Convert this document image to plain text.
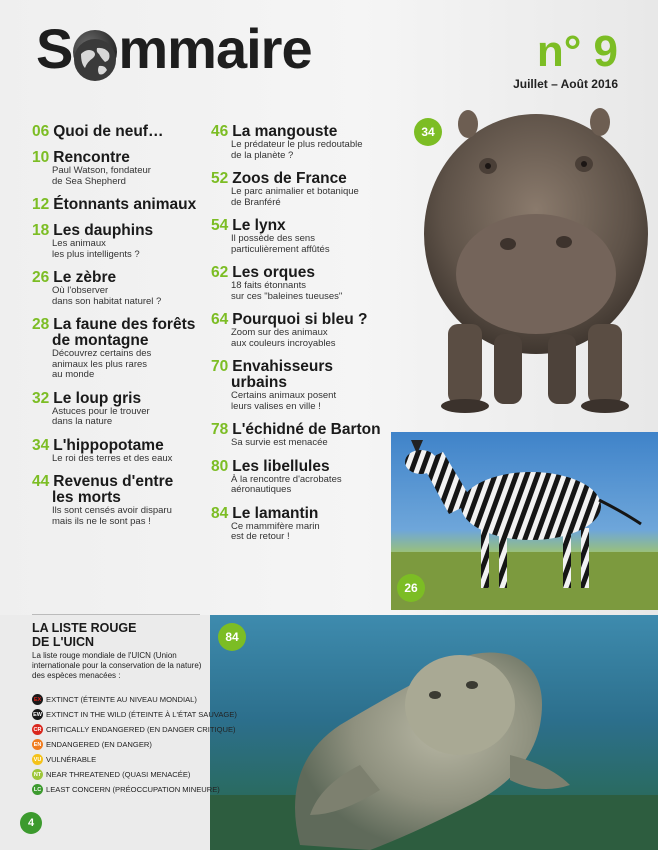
S mmaire	n° 9
Juillet – Août 2016
06 Quoi de neuf…
10 Rencontre
Paul Watson, fondateur
de Sea Shepherd
12 Étonnants animaux
18 Les dauphins
Les animaux
les plus intelligents ?
26 Le zèbre
Où l'observer
dans son habitat naturel ?
28 La faune des forêts
de montagne
Découvrez certains des
animaux les plus rares
au monde
32 Le loup gris
Astuces pour le trouver
dans la nature
34 L'hippopotame
Le roi des terres et des eaux
44 Revenus d'entre
les morts
Ils sont censés avoir disparu
mais ils ne le sont pas !
46 La mangouste
Le prédateur le plus redoutable
de la planète ?
52 Zoos de France
Le parc animalier et botanique
de Branféré
54 Le lynx
Il possède des sens
particulièrement affûtés
62 Les orques
18 faits étonnants
sur ces "baleines tueuses"
64 Pourquoi si bleu ?
Zoom sur des animaux
aux couleurs incroyables
70 Envahisseurs
urbains
Certains animaux posent
leurs valises en ville !
78 L'échidné de Barton
Sa survie est menacée
80 Les libellules
À la rencontre d'acrobates
aéronautiques
84 Le lamantin
Ce mammifère marin
est de retour !
34
26
84
LA LISTE ROUGE
DE L'UICN
La liste rouge mondiale de l'UICN (Union internationale pour la conservation de la nature) des espèces menacées :
EX EXTINCT (ÉTEINTE AU NIVEAU MONDIAL)
EW EXTINCT IN THE WILD (ÉTEINTE À L'ÉTAT SAUVAGE)
CR CRITICALLY ENDANGERED (EN DANGER CRITIQUE)
EN ENDANGERED (EN DANGER)
VU VULNÉRABLE
NT NEAR THREATENED (QUASI MENACÉE)
LC LEAST CONCERN (PRÉOCCUPATION MINEURE)
4
